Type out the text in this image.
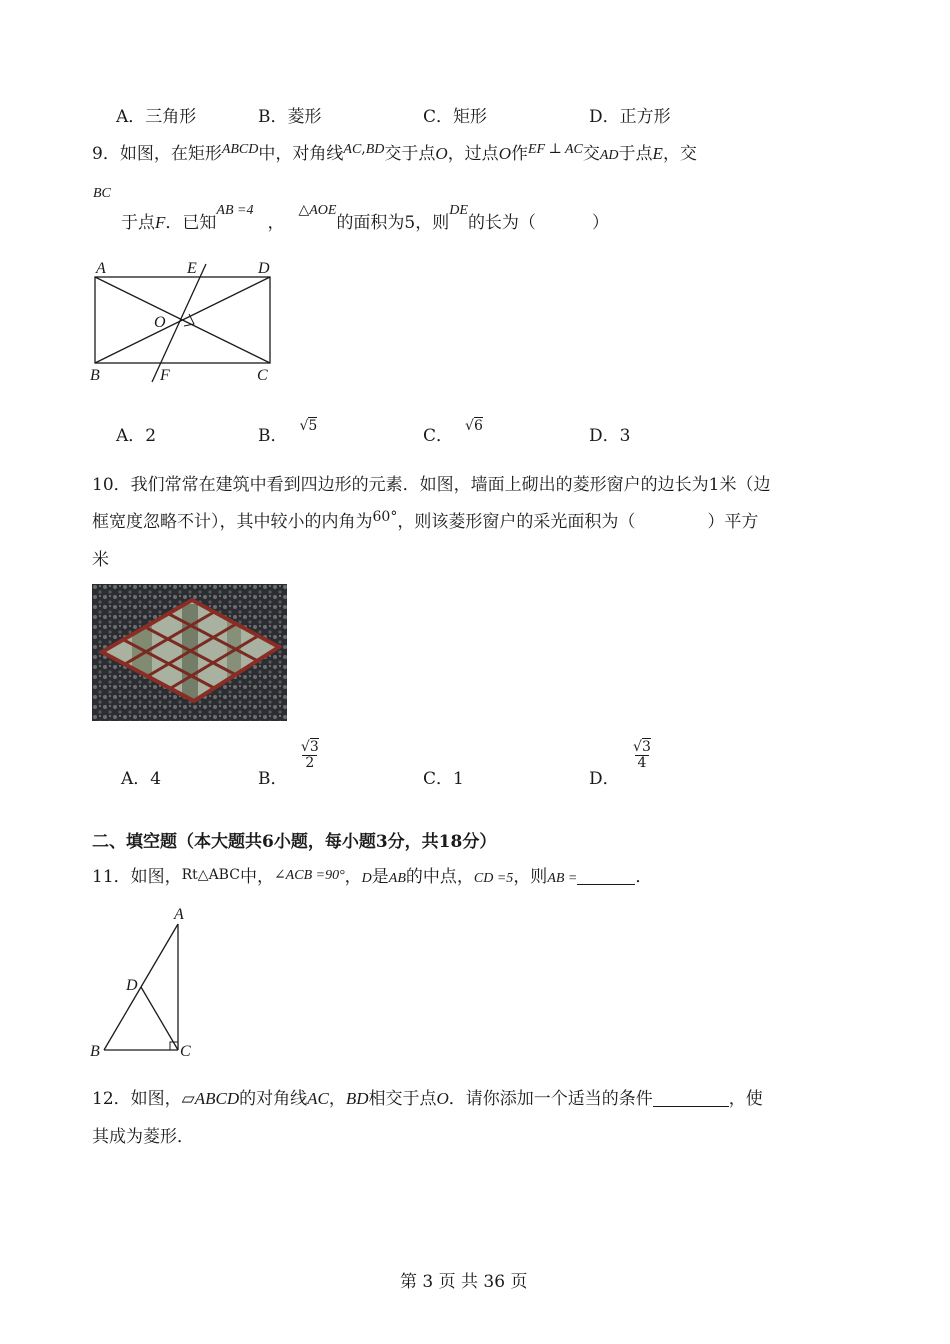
A．三角形	B．菱形	C．矩形	D．正方形
9．如图，在矩形$^{ABCD}$中，对角线$^{AC,BD}$交于点O，过点O作$^{EF \perp AC}$交AD于点E，交
BC
于点F．已知$^{AB =4}$，$^{\triangle AOE}$的面积为5，则$^{DE}$的长为（	）
A	E	D
O
B	F	C
A．2	B． √5	C． √6	D．3
10．我们常常在建筑中看到四边形的元素．如图，墙面上砌出的菱形窗户的边长为1米（边
框宽度忽略不计），其中较小的内角为$^{60^\circ}$，则该菱形窗户的采光面积为（	）平方
米
A．4	B．
$\frac{√3}{2}$
C．1	D．
$\frac{√3}{4}$
二、填空题（本大题共6小题，每小题3分，共18分）
11．如图，Rt△ABC中，∠ACB =90°，D是AB的中点，CD =5，则AB =	．
A
D
B	C
12．如图，▱ABCD的对角线AC，BD相交于点O．请你添加一个适当的条件	，使
其成为菱形．
第 3 页 共 36 页
